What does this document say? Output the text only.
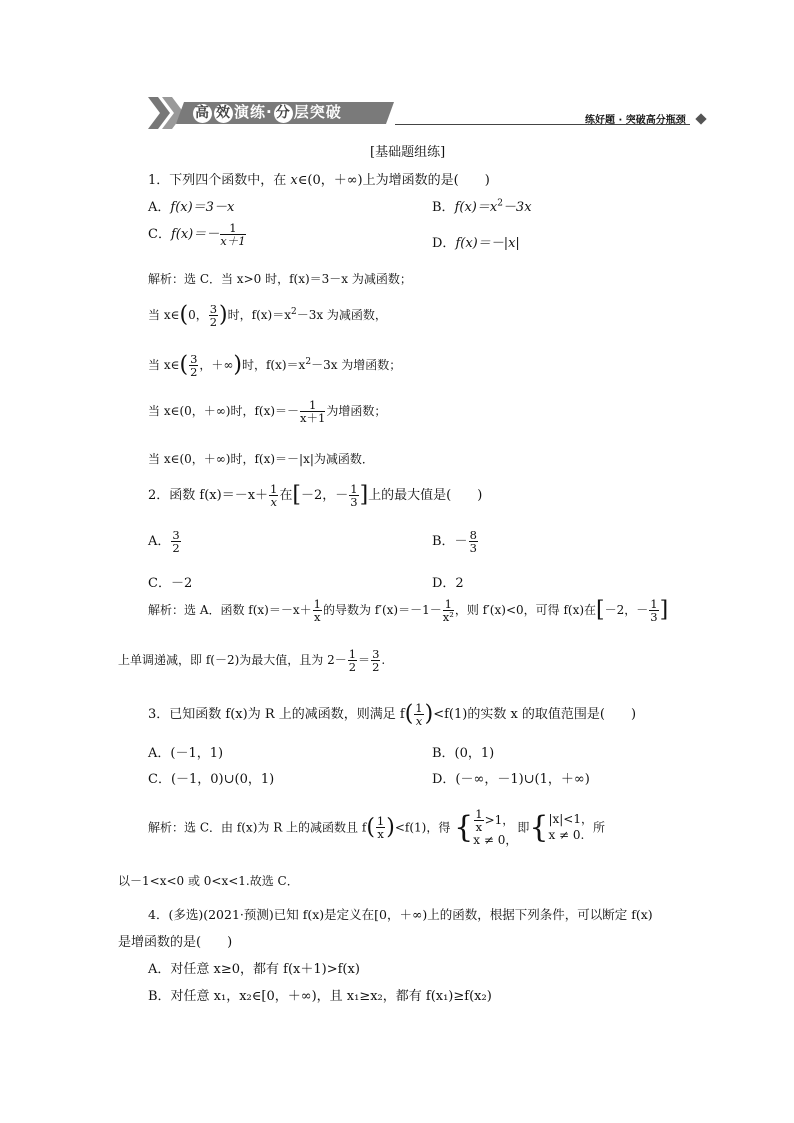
高 效 演练· 分 层突破	练好题 · 突破高分瓶颈
[基础题组练]
1．下列四个函数中，在 x∈(0，＋∞)上为增函数的是(　　)
A．f(x)＝3－x	B．$f(x)=x^2-3x$
C．$f(x)=- \frac{1}{x+1}$	D．f(x)＝－|x|
解析：选 C．当 x>0 时，f(x)＝3－x 为减函数；
当 x∈(0， $\frac{3}{2}$ )时，$f(x)=x^2-3x$ 为减函数，
当 x∈( $\frac{3}{2}$ ，＋∞)时，$f(x)=x^2-3x$ 为增函数；
当 x∈(0，＋∞)时，$f(x)=- \frac{1}{x+1}$ 为增函数；
当 x∈(0，＋∞)时，f(x)＝－|x|为减函数．
2．函数 $f(x)=-x+ \frac{1}{x}$ 在[－2，－ $\frac{1}{3}$ ]上的最大值是(　　)
A． $\frac{3}{2}$	B．－ $\frac{8}{3}$
C．－2	D．2
解析：选 A．函数 $f(x)=-x+ \frac{1}{x}$ 的导数为 $f'(x)=-1- \frac{1}{\text{x²}}$ ，则 f′(x)<0，可得 f(x)在[－2，－ $\frac{1}{3}$ ]
上单调递减，即 f(－2)为最大值，且为 $2- \frac{1}{2} = \frac{3}{2}$ .
3．已知函数 f(x)为 R 上的减函数，则满足 $f( \frac{1}{x} )<f(1)$的实数 x 的取值范围是(　　)
A．(－1，1)	B．(0，1)
C．(－1，0)∪(0，1)	D．(－∞，－1)∪(1，＋∞)
解析：选 C．由 f(x)为 R 上的减函数且 $f( \frac{1}{x} )<f(1)$，得 { $\frac{1}{x} >1$，
x ≠ 0，
即{ |x|<1，
x ≠ 0.
所
以－1<x<0 或 0<x<1.故选 C．
4．(多选)(2021·预测)已知 f(x)是定义在[0，＋∞)上的函数，根据下列条件，可以断定 f(x)
是增函数的是(　　)
A．对任意 x≥0，都有 f(x＋1)>f(x)
B．对任意 x₁，x₂∈[0，＋∞)，且 x₁≥x₂，都有 f(x₁)≥f(x₂)
